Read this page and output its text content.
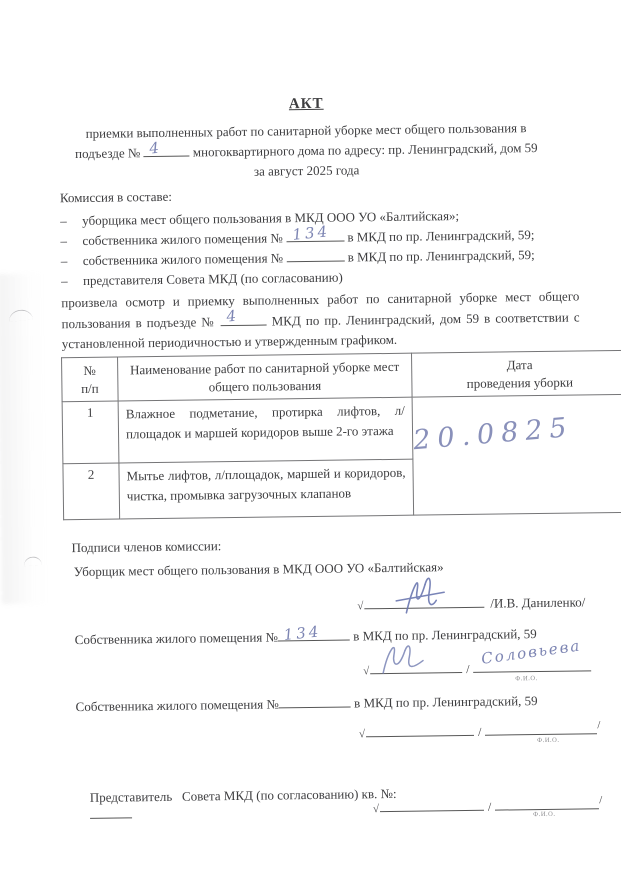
АКТ
приемки выполненных работ по санитарной уборке мест общего пользования в
подъезде № 4 многоквартирного дома по адресу: пр. Ленинградский, дом 59
за август 2025 года
Комиссия в составе:
–	уборщика мест общего пользования в МКД ООО УО «Балтийская»;
–	собственника жилого помещения № 134 в МКД по пр. Ленинградский, 59;
–	собственника жилого помещения №	в МКД по пр. Ленинградский, 59;
–	представителя Совета МКД (по согласованию)
произвела осмотр и приемку выполненных работ по санитарной уборке мест общего пользования в подъезде № 4 МКД по пр. Ленинградский, дом 59 в соответствии с установленной периодичностью и утвержденным графиком.
№
п/п
	Наименование работ по санитарной уборке мест общего пользования	
Дата
проведения уборки

1	Влажное подметание, протирка лифтов, л/площадок и маршей коридоров выше 2-го этажа	20.0825

2	Мытье лифтов, л/площадок, маршей и коридоров, чистка, промывка загрузочных клапанов	
Подписи членов комиссии:
Уборщик мест общего пользования в МКД ООО УО «Балтийская»
√	/И.В. Даниленко/
Собственника жилого помещения № 134 в МКД по пр. Ленинградский, 59
√	/
Соловьева
Ф.И.О.
Собственника жилого помещения №	в МКД по пр. Ленинградский, 59
√	/	/
Ф.И.О.

Представитель   Совета МКД (по согласованию) кв. №:

√	/	/
Ф.И.О.
